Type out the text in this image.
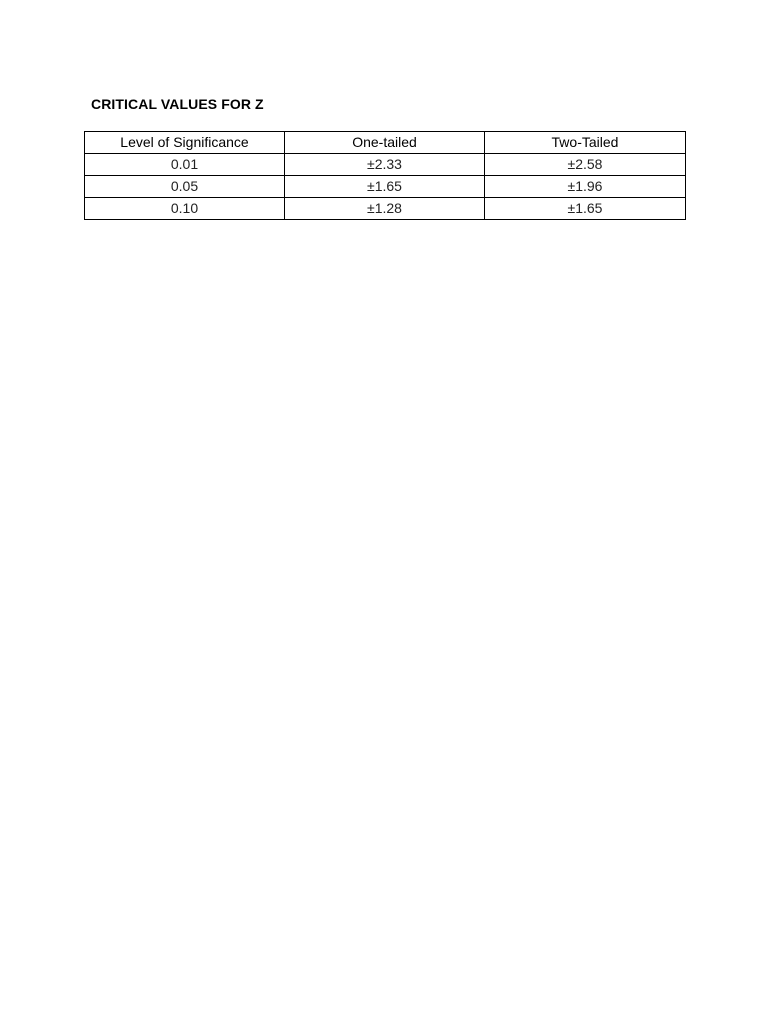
CRITICAL VALUES FOR Z
Level of Significance	One-tailed	Two-Tailed
0.01	±2.33	±2.58
0.05	±1.65	±1.96
0.10	±1.28	±1.65
